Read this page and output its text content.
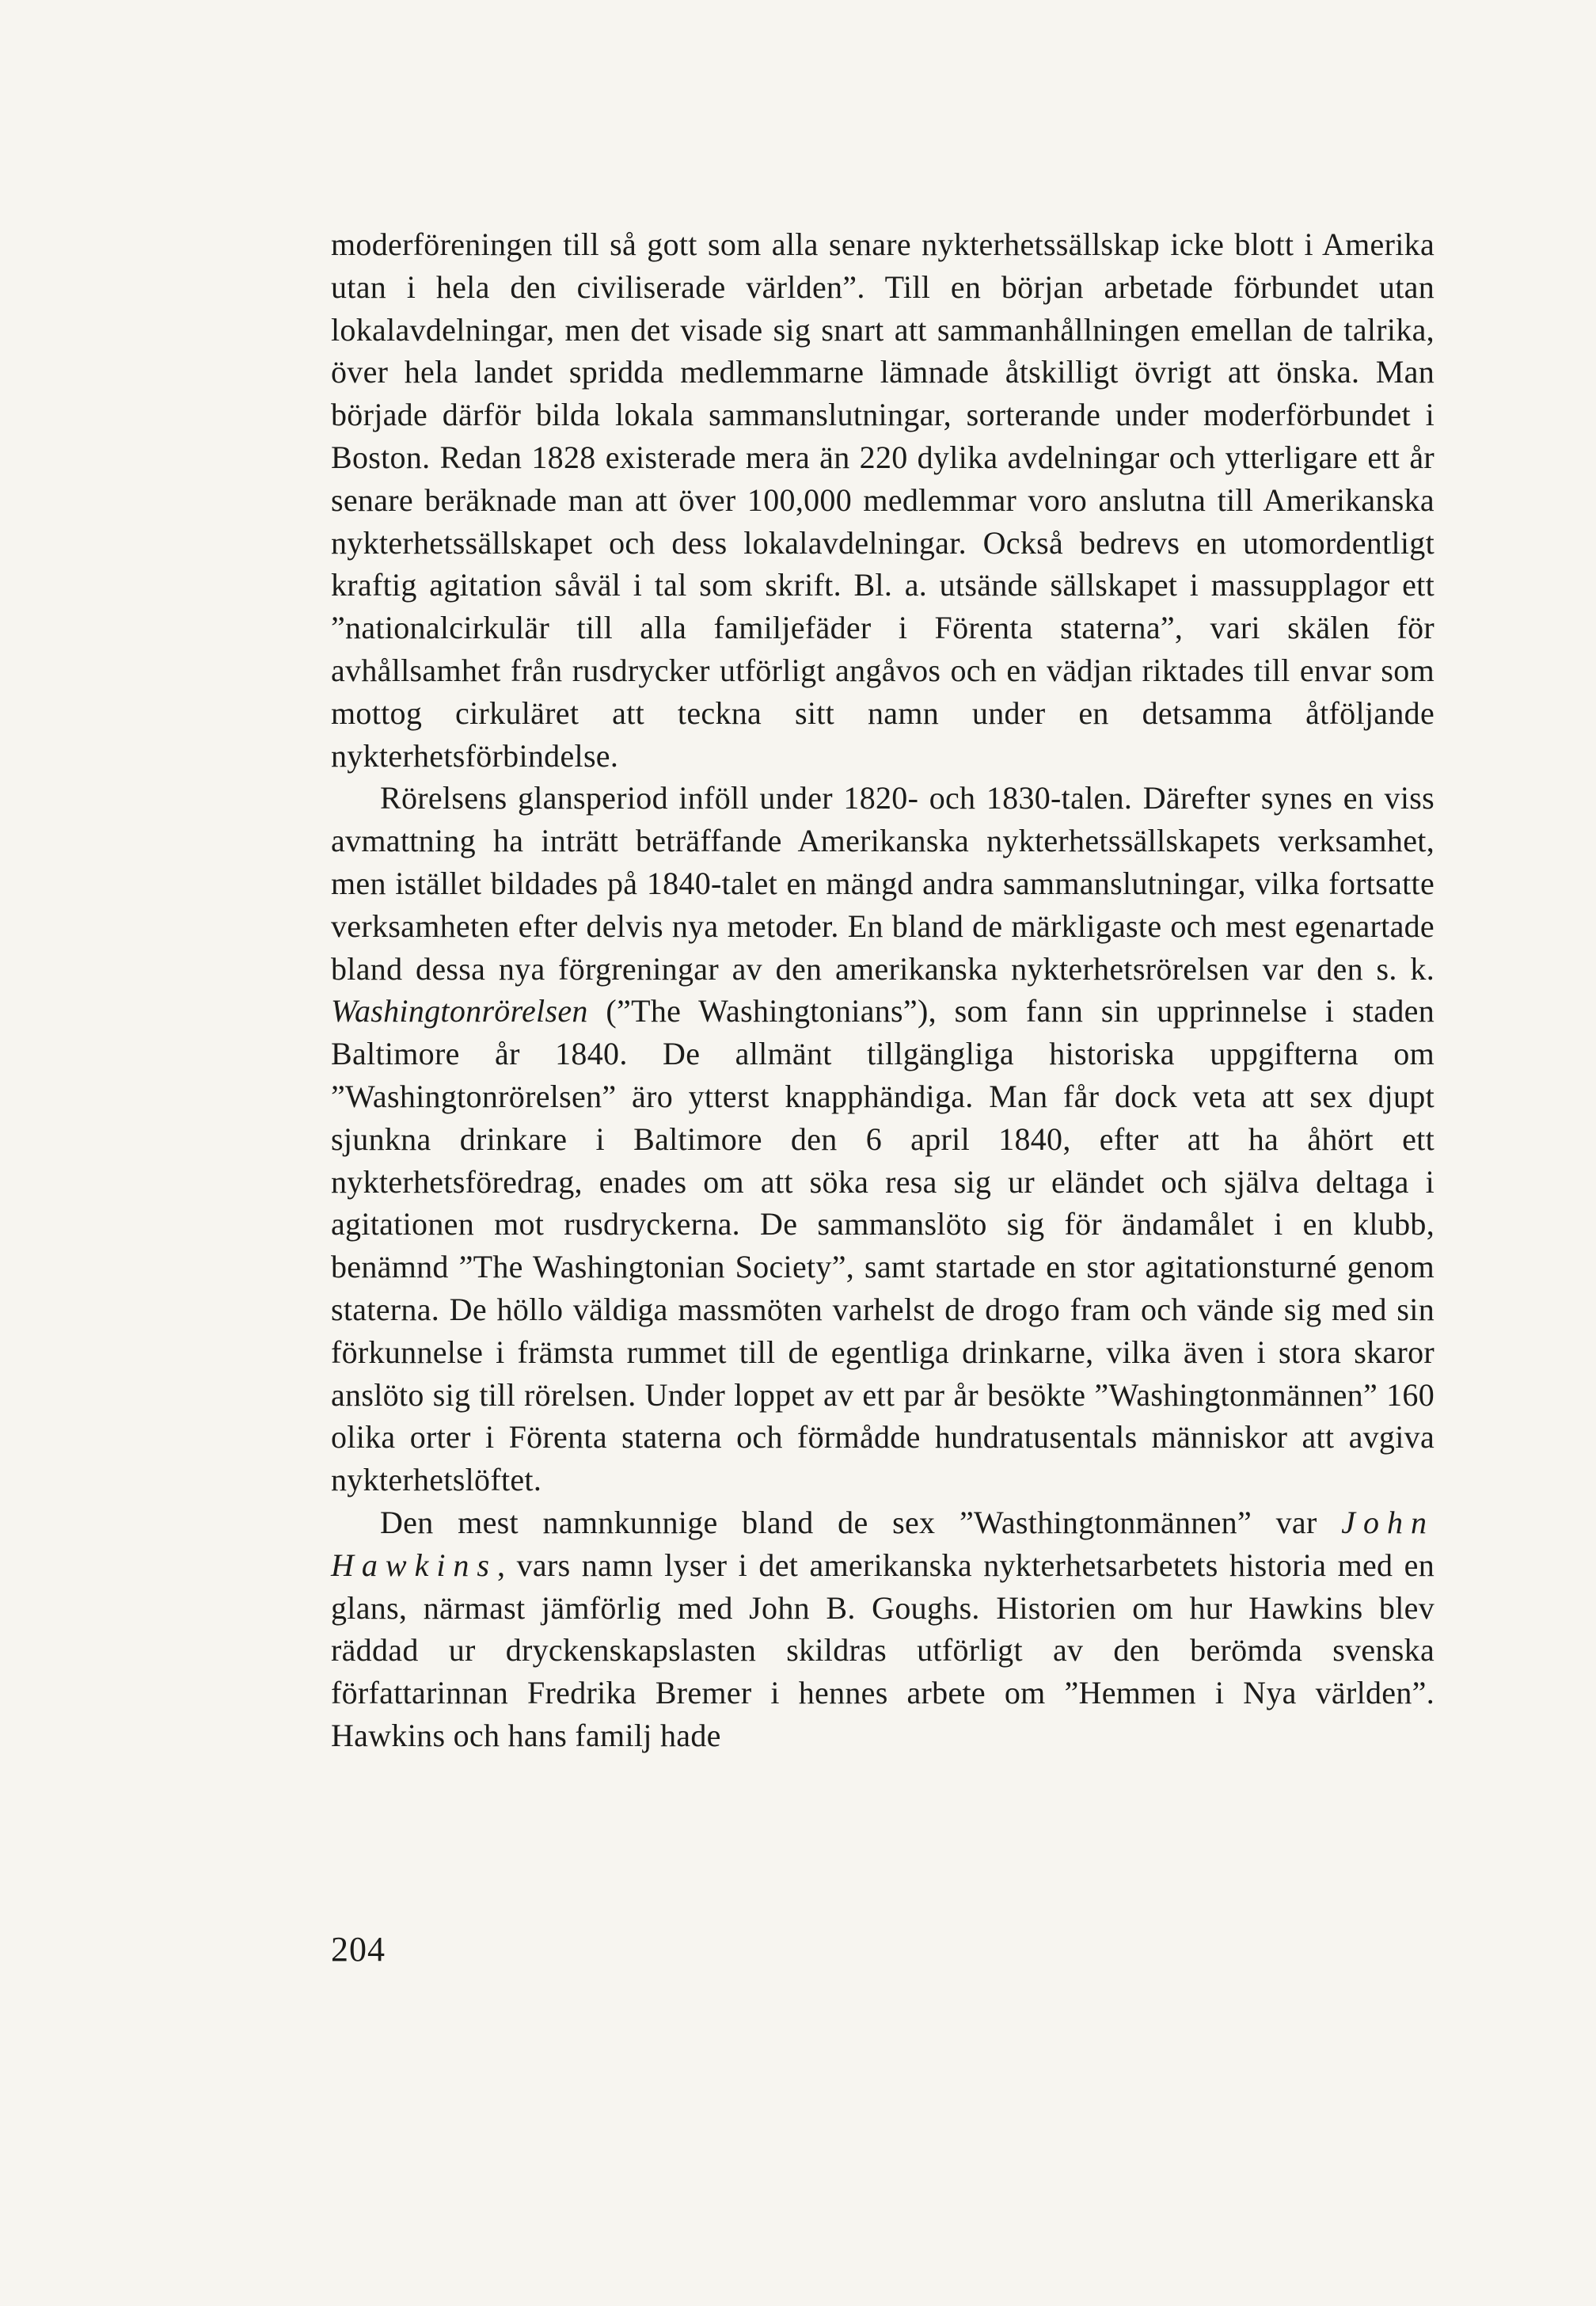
moderföreningen till så gott som alla senare nykterhetssällskap icke blott i Amerika utan i hela den civiliserade världen”. Till en början arbetade förbundet utan lokalavdelningar, men det visade sig snart att sammanhållningen emellan de talrika, över hela landet spridda medlemmarne lämnade åtskilligt övrigt att önska. Man började därför bilda lokala sammanslutningar, sorterande under moderförbundet i Boston. Redan 1828 existerade mera än 220 dylika avdelningar och ytterligare ett år senare beräknade man att över 100,000 medlemmar voro anslutna till Amerikanska nykterhetssällskapet och dess lokalavdelningar. Också bedrevs en utomordentligt kraftig agitation såväl i tal som skrift. Bl. a. utsände sällskapet i massupplagor ett ”nationalcirkulär till alla familjefäder i Förenta staterna”, vari skälen för avhållsamhet från rusdrycker utförligt angåvos och en vädjan riktades till envar som mottog cirkuläret att teckna sitt namn under en detsamma åtföljande nykterhetsförbindelse.

Rörelsens glansperiod inföll under 1820- och 1830-talen. Därefter synes en viss avmattning ha inträtt beträffande Amerikanska nykterhetssällskapets verksamhet, men istället bildades på 1840-talet en mängd andra sammanslutningar, vilka fortsatte verksamheten efter delvis nya metoder. En bland de märkligaste och mest egenartade bland dessa nya förgreningar av den amerikanska nykterhetsrörelsen var den s. k. Washingtonrörelsen (”The Washingtonians”), som fann sin upprinnelse i staden Baltimore år 1840. De allmänt tillgängliga historiska uppgifterna om ”Washingtonrörelsen” äro ytterst knapphändiga. Man får dock veta att sex djupt sjunkna drinkare i Baltimore den 6 april 1840, efter att ha åhört ett nykterhetsföredrag, enades om att söka resa sig ur eländet och själva deltaga i agitationen mot rusdryckerna. De sammanslöto sig för ändamålet i en klubb, benämnd ”The Washingtonian Society”, samt startade en stor agitationsturné genom staterna. De höllo väldiga massmöten varhelst de drogo fram och vände sig med sin förkunnelse i främsta rummet till de egentliga drinkarne, vilka även i stora skaror anslöto sig till rörelsen. Under loppet av ett par år besökte ”Washingtonmännen” 160 olika orter i Förenta staterna och förmådde hundratusentals människor att avgiva nykterhetslöftet.

Den mest namnkunnige bland de sex ”Wasthingtonmännen” var John Hawkins, vars namn lyser i det amerikanska nykterhetsarbetets historia med en glans, närmast jämförlig med John B. Goughs. Historien om hur Hawkins blev räddad ur dryckenskapslasten skildras utförligt av den berömda svenska författarinnan Fredrika Bremer i hennes arbete om ”Hemmen i Nya världen”. Hawkins och hans familj hade

204
